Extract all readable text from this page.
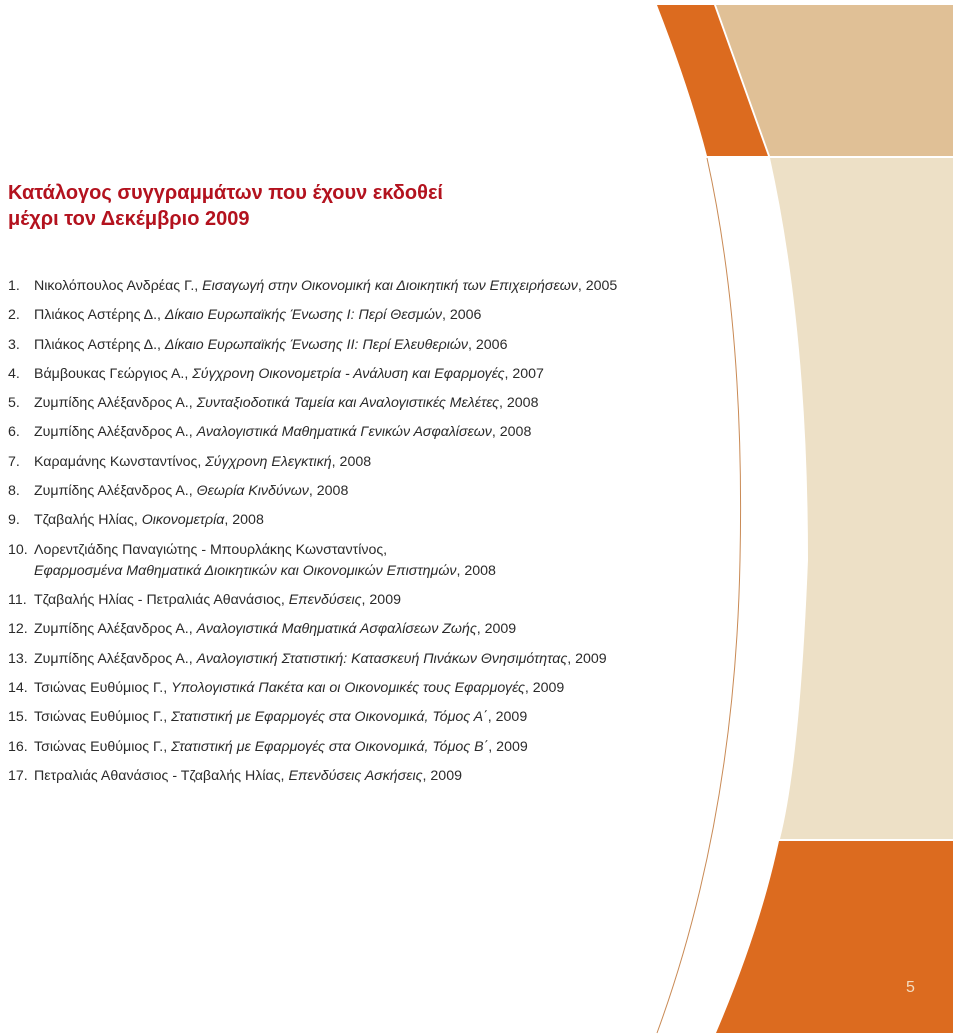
Κατάλογος συγγραμμάτων που έχουν εκδοθεί
μέχρι τον Δεκέμβριο 2009
1. Νικολόπουλος Ανδρέας Γ., Εισαγωγή στην Οικονομική και Διοικητική των Επιχειρήσεων, 2005
2. Πλιάκος Αστέρης Δ., Δίκαιο Ευρωπαϊκής Ένωσης I: Περί Θεσμών, 2006
3. Πλιάκος Αστέρης Δ., Δίκαιο Ευρωπαϊκής Ένωσης II: Περί Ελευθεριών, 2006
4. Βάμβουκας Γεώργιος Α., Σύγχρονη Οικονομετρία - Ανάλυση και Εφαρμογές, 2007
5. Ζυμπίδης Αλέξανδρος Α., Συνταξιοδοτικά Ταμεία και Αναλογιστικές Μελέτες, 2008
6. Ζυμπίδης Αλέξανδρος Α., Αναλογιστικά Μαθηματικά Γενικών Ασφαλίσεων, 2008
7. Καραμάνης Κωνσταντίνος, Σύγχρονη Ελεγκτική, 2008
8. Ζυμπίδης Αλέξανδρος Α., Θεωρία Κινδύνων, 2008
9. Τζαβαλής Ηλίας, Οικονομετρία, 2008
10. Λορεντζιάδης Παναγιώτης - Μπουρλάκης Κωνσταντίνος,
Εφαρμοσμένα Μαθηματικά Διοικητικών και Οικονομικών Επιστημών, 2008
11. Τζαβαλής Ηλίας - Πετραλιάς Αθανάσιος, Επενδύσεις, 2009
12. Ζυμπίδης Αλέξανδρος Α., Αναλογιστικά Μαθηματικά Ασφαλίσεων Ζωής, 2009
13. Ζυμπίδης Αλέξανδρος Α., Αναλογιστική Στατιστική: Κατασκευή Πινάκων Θνησιμότητας, 2009
14. Τσιώνας Ευθύμιος Γ., Υπολογιστικά Πακέτα και οι Οικονομικές τους Εφαρμογές, 2009
15. Τσιώνας Ευθύμιος Γ., Στατιστική με Εφαρμογές στα Οικονομικά, Τόμος Α΄, 2009
16. Τσιώνας Ευθύμιος Γ., Στατιστική με Εφαρμογές στα Οικονομικά, Τόμος Β΄, 2009
17. Πετραλιάς Αθανάσιος - Τζαβαλής Ηλίας, Επενδύσεις Ασκήσεις, 2009
5
